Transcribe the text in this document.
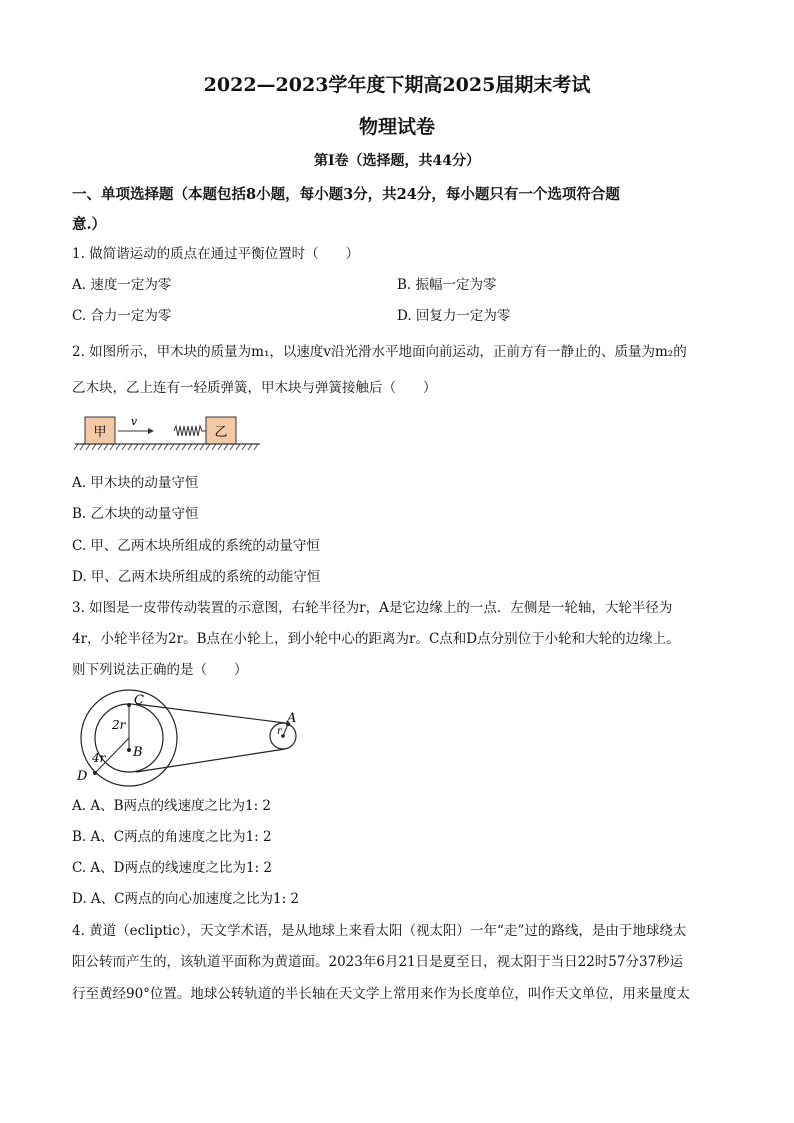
2022—2023学年度下期高2025届期末考试
物理试卷
第I卷（选择题，共44分）
一、单项选择题（本题包括8小题，每小题3分，共24分，每小题只有一个选项符合题
意.）
1. 做简谐运动的质点在通过平衡位置时（　　）
A. 速度一定为零	B. 振幅一定为零
C. 合力一定为零	D. 回复力一定为零
2. 如图所示，甲木块的质量为m₁，以速度v沿光滑水平地面向前运动，正前方有一静止的、质量为m₂的
乙木块，乙上连有一轻质弹簧，甲木块与弹簧接触后（　　）
甲
v
乙
A. 甲木块的动量守恒
B. 乙木块的动量守恒
C. 甲、乙两木块所组成的系统的动量守恒
D. 甲、乙两木块所组成的系统的动能守恒
3. 如图是一皮带传动装置的示意图，右轮半径为r，A是它边缘上的一点．左侧是一轮轴，大轮半径为
4r，小轮半径为2r。B点在小轮上，到小轮中心的距离为r。C点和D点分别位于小轮和大轮的边缘上。
则下列说法正确的是（　　）
C
B
D
A
2r
4r
r
A. A、B两点的线速度之比为1: 2
B. A、C两点的角速度之比为1: 2
C. A、D两点的线速度之比为1: 2
D. A、C两点的向心加速度之比为1: 2
4. 黄道（ecliptic），天文学术语，是从地球上来看太阳（视太阳）一年“走”过的路线，是由于地球绕太
阳公转而产生的，该轨道平面称为黄道面。2023年6月21日是夏至日，视太阳于当日22时57分37秒运
行至黄经90°位置。地球公转轨道的半长轴在天文学上常用来作为长度单位，叫作天文单位，用来量度太
